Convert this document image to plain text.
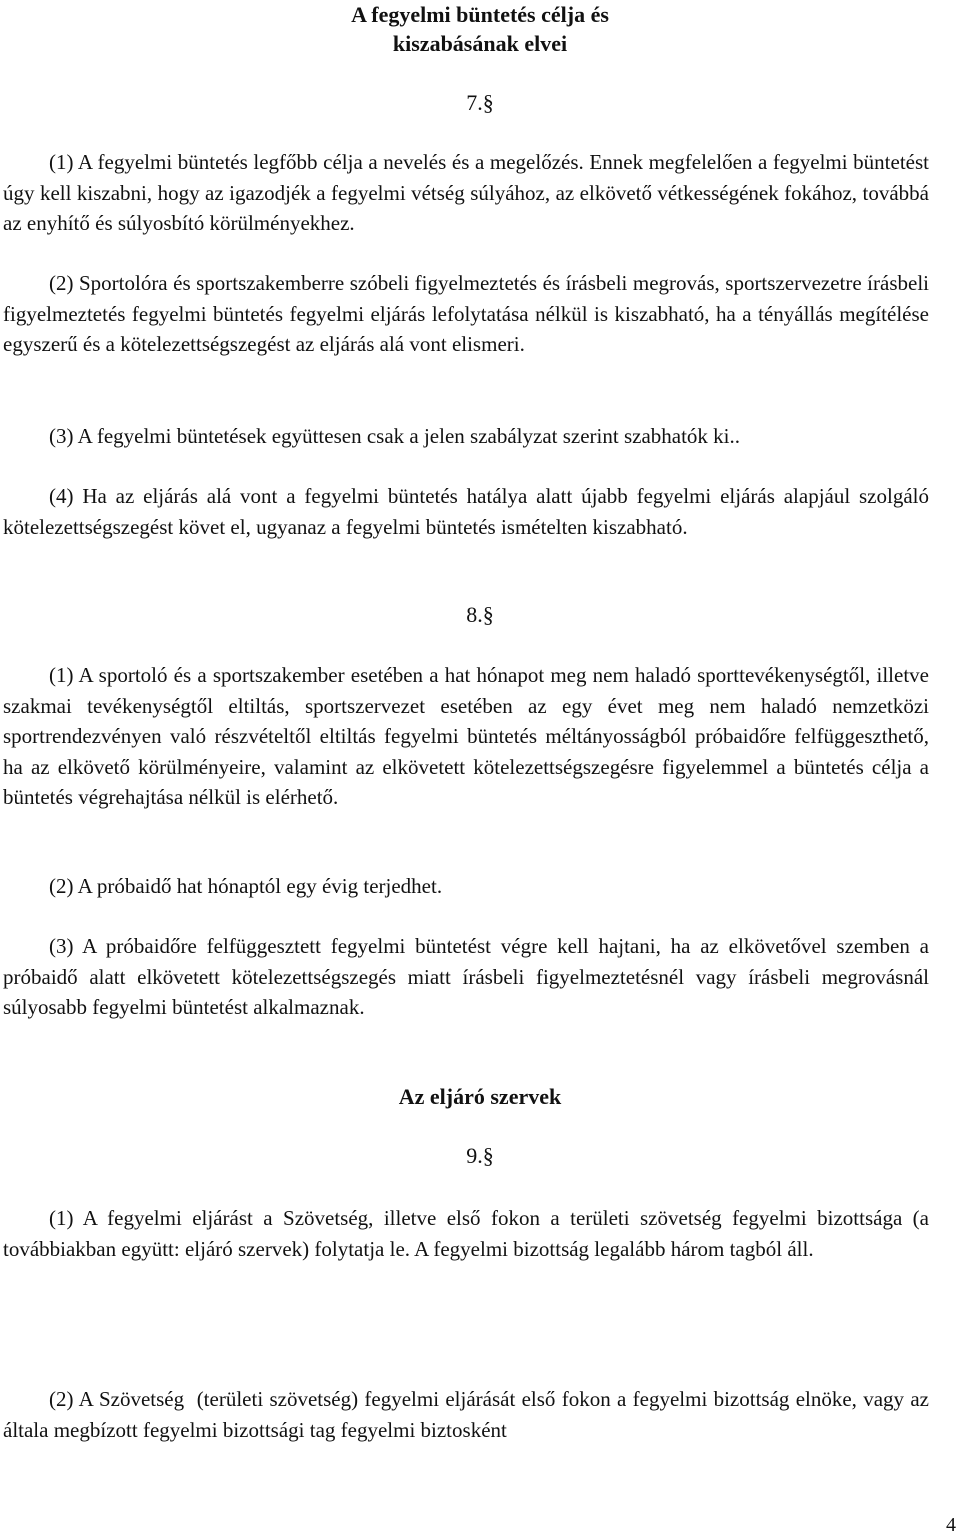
A fegyelmi büntetés célja és
kiszabásának elvei
7.§
(1) A fegyelmi büntetés legfőbb célja a nevelés és a megelőzés. Ennek megfelelően a fegyelmi büntetést úgy kell kiszabni, hogy az igazodjék a fegyelmi vétség súlyához, az elkövető vétkességének fokához, továbbá az enyhítő és súlyosbító körülményekhez.
(2) Sportolóra és sportszakemberre szóbeli figyelmeztetés és írásbeli megrovás, sportszervezetre írásbeli figyelmeztetés fegyelmi büntetés fegyelmi eljárás lefolytatása nélkül is kiszabható, ha a tényállás megítélése egyszerű és a kötelezettségszegést az eljárás alá vont elismeri.
(3) A fegyelmi büntetések együttesen csak a jelen szabályzat szerint szabhatók ki..
(4) Ha az eljárás alá vont a fegyelmi büntetés hatálya alatt újabb fegyelmi eljárás alapjául szolgáló kötelezettségszegést követ el, ugyanaz a fegyelmi büntetés ismételten kiszabható.
8.§
(1) A sportoló és a sportszakember esetében a hat hónapot meg nem haladó sporttevékenységtől, illetve szakmai tevékenységtől eltiltás, sportszervezet esetében az egy évet meg nem haladó nemzetközi sportrendezvényen való részvételtől eltiltás fegyelmi büntetés méltányosságból próbaidőre felfüggeszthető, ha az elkövető körülményeire, valamint az elkövetett kötelezettségszegésre figyelemmel a büntetés célja a büntetés végrehajtása nélkül is elérhető.
(2) A próbaidő hat hónaptól egy évig terjedhet.
(3) A próbaidőre felfüggesztett fegyelmi büntetést végre kell hajtani, ha az elkövetővel szemben a próbaidő alatt elkövetett kötelezettségszegés miatt írásbeli figyelmeztetésnél vagy írásbeli megrovásnál súlyosabb fegyelmi büntetést alkalmaznak.
Az eljáró szervek
9.§
(1) A fegyelmi eljárást a Szövetség, illetve első fokon a területi szövetség fegyelmi bizottsága (a továbbiakban együtt: eljáró szervek) folytatja le. A fegyelmi bizottság legalább három tagból áll.
(2) A Szövetség  (területi szövetség) fegyelmi eljárását első fokon a fegyelmi bizottság elnöke, vagy az általa megbízott fegyelmi bizottsági tag fegyelmi biztosként
4
